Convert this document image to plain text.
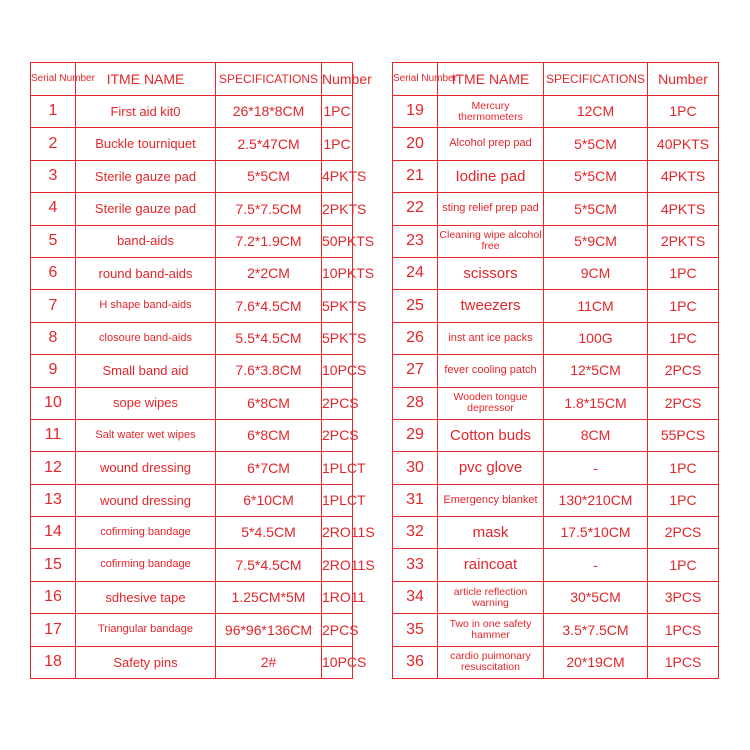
Serial Number	ITME NAME	SPECIFICATIONS	Number
1	First aid kit0	26*18*8CM	1PC
2	Buckle tourniquet	2.5*47CM	1PC
3	Sterile gauze pad	5*5CM	4PKTS
4	Sterile gauze pad	7.5*7.5CM	2PKTS
5	band-aids	7.2*1.9CM	50PKTS
6	round band-aids	2*2CM	10PKTS
7	H shape band-aids	7.6*4.5CM	5PKTS
8	closoure band-aids	5.5*4.5CM	5PKTS
9	Small band aid	7.6*3.8CM	10PCS
10	sope wipes	6*8CM	2PCS
11	Salt water wet wipes	6*8CM	2PCS
12	wound dressing	6*7CM	1PLCT
13	wound dressing	6*10CM	1PLCT
14	cofirming bandage	5*4.5CM	2RO11S
15	cofirming bandage	7.5*4.5CM	2RO11S
16	sdhesive tape	1.25CM*5M	1RO11
17	Triangular bandage	96*96*136CM	2PCS
18	Safety pins	2#	10PCS
Serial Number	ITME NAME	SPECIFICATIONS	Number
19	Mercury thermometers	12CM	1PC
20	Alcohol prep pad	5*5CM	40PKTS
21	Iodine pad	5*5CM	4PKTS
22	sting relief prep pad	5*5CM	4PKTS
23	Cleaning wipe alcohol free	5*9CM	2PKTS
24	scissors	9CM	1PC
25	tweezers	11CM	1PC
26	inst ant ice packs	100G	1PC
27	fever cooling patch	12*5CM	2PCS
28	Wooden tongue depressor	1.8*15CM	2PCS
29	Cotton buds	8CM	55PCS
30	pvc glove	-	1PC
31	Emergency blanket	130*210CM	1PC
32	mask	17.5*10CM	2PCS
33	raincoat	-	1PC
34	article reflection warning	30*5CM	3PCS
35	Two in one safety hammer	3.5*7.5CM	1PCS
36	cardio puimonary resuscitation	20*19CM	1PCS
